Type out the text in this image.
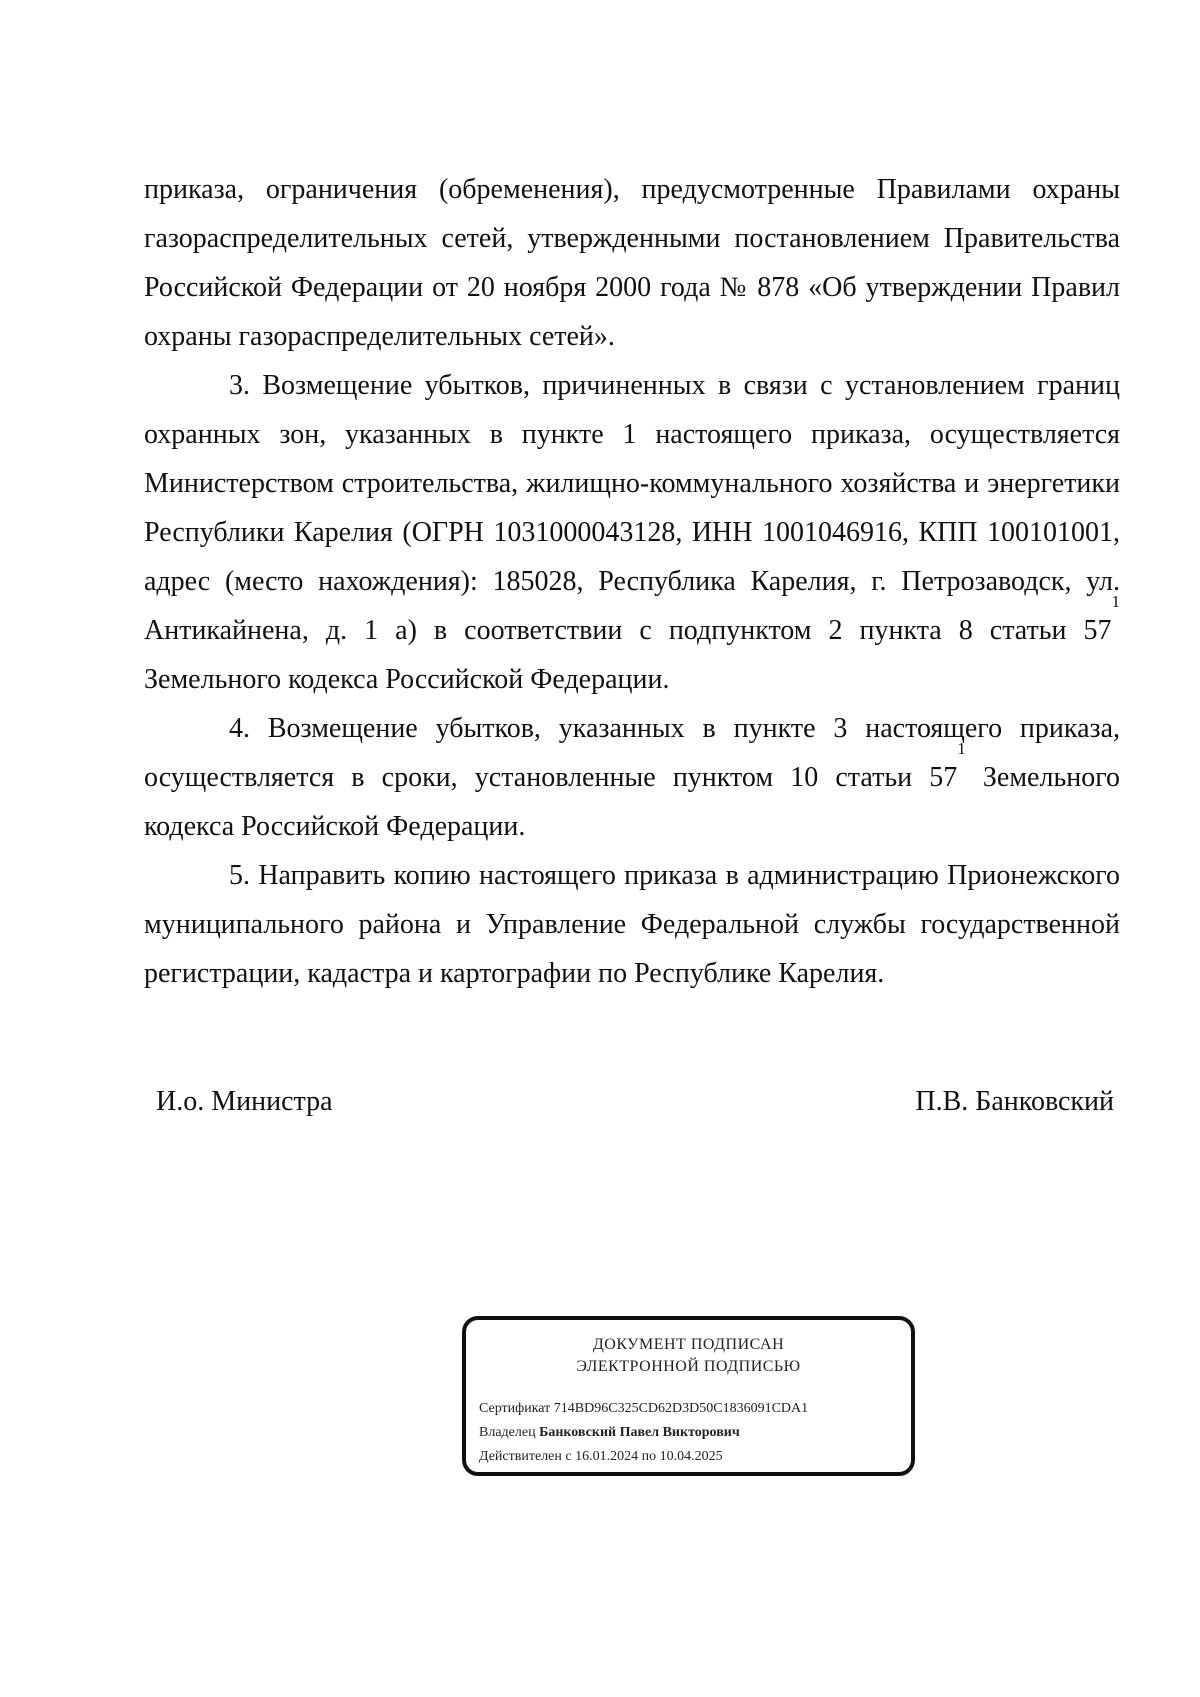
приказа, ограничения (обременения), предусмотренные Правилами охраны газораспределительных сетей, утвержденными постановлением Правительства Российской Федерации от 20 ноября 2000 года № 878 «Об утверждении Правил охраны газораспределительных сетей».

3. Возмещение убытков, причиненных в связи с установлением границ охранных зон, указанных в пункте 1 настоящего приказа, осуществляется Министерством строительства, жилищно-коммунального хозяйства и энергетики Республики Карелия (ОГРН 1031000043128, ИНН 1001046916, КПП 100101001, адрес (место нахождения): 185028, Республика Карелия, г. Петрозаводск, ул. Антикайнена, д. 1 а) в соответствии с подпунктом 2 пункта 8 статьи 57$^1$ Земельного кодекса Российской Федерации.

4. Возмещение убытков, указанных в пункте 3 настоящего приказа, осуществляется в сроки, установленные пунктом 10 статьи 57$^1$ Земельного кодекса Российской Федерации.

5. Направить копию настоящего приказа в администрацию Прионежского муниципального района и Управление Федеральной службы государственной регистрации, кадастра и картографии по Республике Карелия.

И.о. Министра	П.В. Банковский
ДОКУМЕНТ ПОДПИСАН
ЭЛЕКТРОННОЙ ПОДПИСЬЮ
Сертификат 714BD96C325CD62D3D50C1836091CDA1
Владелец Банковский Павел Викторович
Действителен с 16.01.2024 по 10.04.2025
